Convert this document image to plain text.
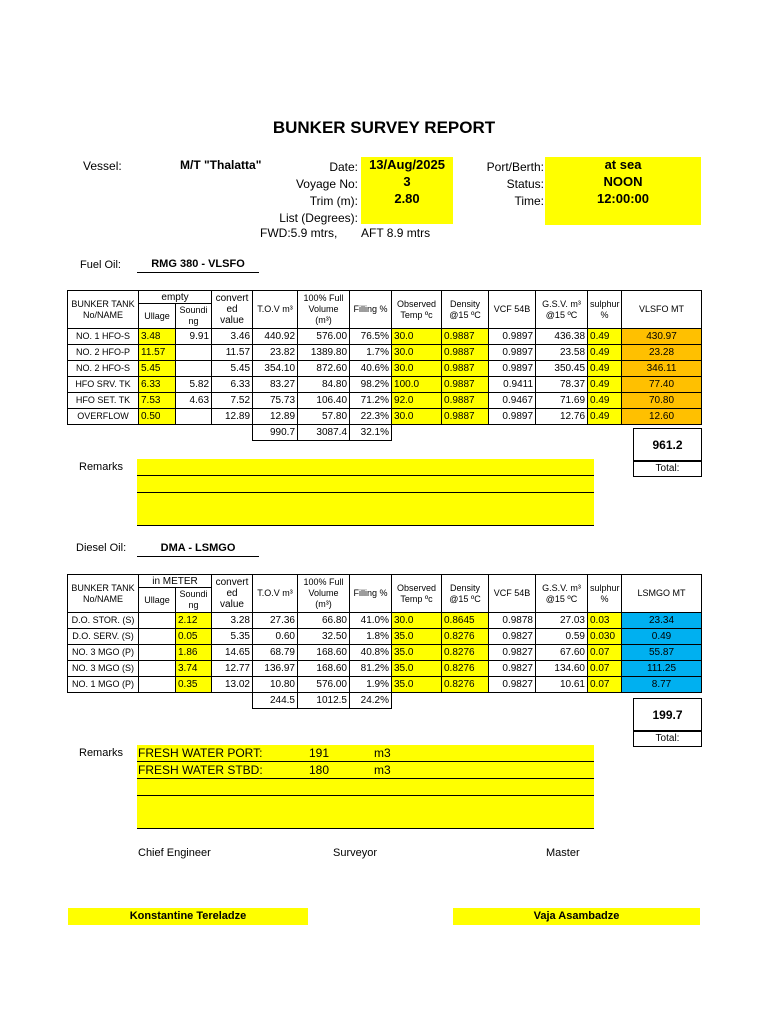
BUNKER SURVEY REPORT
Vessel:	M/T "Thalatta"	Date: 13/Aug/2025
Voyage No:	3
Trim (m):	2.80
List (Degrees):
FWD:5.9 mtrs, AFT 8.9 mtrs
Port/Berth:	at sea
Status:	NOON
Time:	12:00:00
Fuel Oil:	RMG 380 - VLSFO
BUNKER TANK No/NAME	empty		convert ed value	T.O.V m³	100% Full Volume (m³)	Filling %	Observed Temp ºc	Density @15 ºC	VCF 54B	G.S.V. m³ @15 ºC	sulphur %	VLSFO MT
	Ullage	Soundi ng										
NO. 1 HFO-S	3.48	9.91	3.46	440.92	576.00	76.5%	30.0	0.9887	0.9897	436.38	0.49	430.97
NO. 2 HFO-P	11.57		11.57	23.82	1389.80	1.7%	30.0	0.9887	0.9897	23.58	0.49	23.28
NO. 2 HFO-S	5.45		5.45	354.10	872.60	40.6%	30.0	0.9887	0.9897	350.45	0.49	346.11
HFO SRV. TK	6.33	5.82	6.33	83.27	84.80	98.2%	100.0	0.9887	0.9411	78.37	0.49	77.40
HFO SET. TK	7.53	4.63	7.52	75.73	106.40	71.2%	92.0	0.9887	0.9467	71.69	0.49	70.80
OVERFLOW	0.50		12.89	12.89	57.80	22.3%	30.0	0.9887	0.9897	12.76	0.49	12.60
				990.7	3087.4	32.1%						
961.2
Total:
Remarks
Diesel Oil:	DMA - LSMGO
BUNKER TANK No/NAME	in METER		convert ed value	T.O.V m³	100% Full Volume (m³)	Filling %	Observed Temp ºc	Density @15 ºC	VCF 54B	G.S.V. m³ @15 ºC	sulphur %	LSMGO MT
	Ullage	Soundi ng										
D.O. STOR. (S)		2.12	3.28	27.36	66.80	41.0%	30.0	0.8645	0.9878	27.03	0.03	23.34
D.O. SERV. (S)		0.05	5.35	0.60	32.50	1.8%	35.0	0.8276	0.9827	0.59	0.030	0.49
NO. 3 MGO (P)		1.86	14.65	68.79	168.60	40.8%	35.0	0.8276	0.9827	67.60	0.07	55.87
NO. 3 MGO (S)		3.74	12.77	136.97	168.60	81.2%	35.0	0.8276	0.9827	134.60	0.07	111.25
NO. 1 MGO (P)		0.35	13.02	10.80	576.00	1.9%	35.0	0.8276	0.9827	10.61	0.07	8.77
				244.5	1012.5	24.2%						
199.7
Total:
Remarks FRESH WATER PORT:	191	m3
FRESH WATER STBD:	180	m3
Chief Engineer	Surveyor	Master
Konstantine Tereladze	Vaja Asambadze
